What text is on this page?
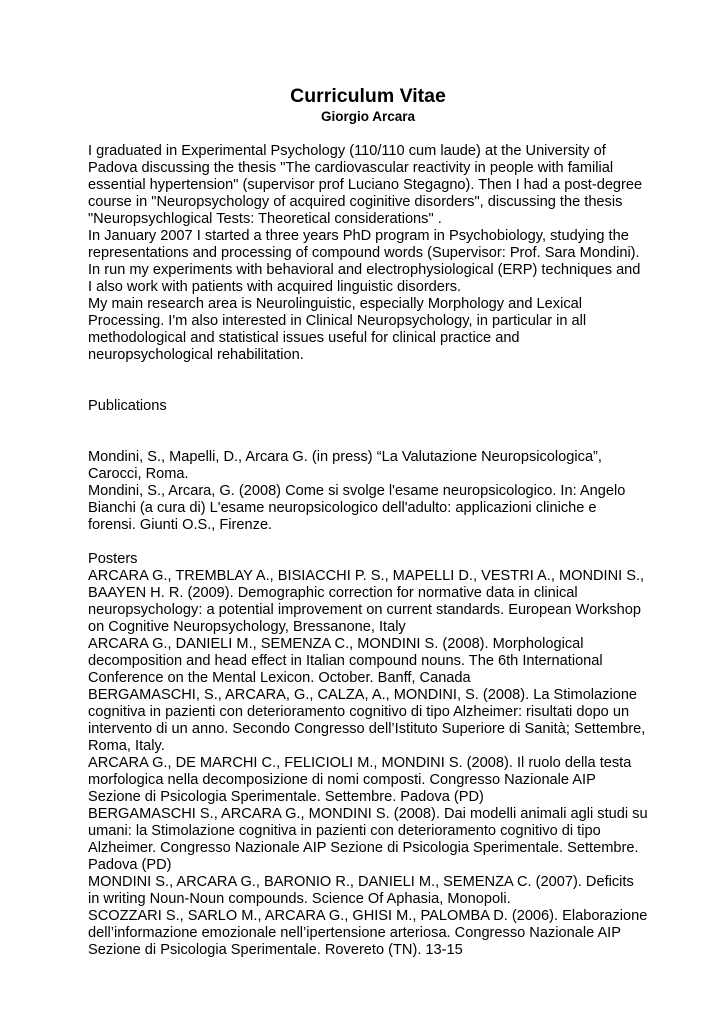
Curriculum Vitae
Giorgio Arcara

I graduated in Experimental Psychology (110/110 cum laude) at the University of Padova discussing the thesis "The cardiovascular reactivity in people with familial essential hypertension" (supervisor prof Luciano Stegagno). Then I had a post-degree course in "Neuropsychology of acquired coginitive disorders", discussing the thesis "Neuropsychlogical Tests: Theoretical considerations" .

In January 2007 I started a three years PhD program in Psychobiology, studying the representations and processing of compound words (Supervisor: Prof. Sara Mondini). In run my experiments with behavioral and electrophysiological (ERP) techniques and I also work with patients with acquired linguistic disorders.

My main research area is Neurolinguistic, especially Morphology and Lexical Processing. I'm also interested in Clinical Neuropsychology, in particular in all methodological and statistical issues useful for clinical practice and neuropsychological rehabilitation.

Publications

Mondini, S., Mapelli, D., Arcara G. (in press) “La Valutazione Neuropsicologica”, Carocci, Roma.

Mondini, S., Arcara, G. (2008) Come si svolge l'esame neuropsicologico. In: Angelo Bianchi (a cura di) L'esame neuropsicologico dell'adulto: applicazioni cliniche e forensi. Giunti O.S., Firenze.

Posters

ARCARA G., TREMBLAY A., BISIACCHI P. S., MAPELLI D., VESTRI A., MONDINI S., BAAYEN H. R. (2009). Demographic correction for normative data in clinical neuropsychology: a potential improvement on current standards. European Workshop on Cognitive Neuropsychology, Bressanone, Italy

ARCARA G., DANIELI M., SEMENZA C., MONDINI S. (2008). Morphological decomposition and head effect in Italian compound nouns. The 6th International Conference on the Mental Lexicon. October. Banff, Canada

BERGAMASCHI, S., ARCARA, G., CALZA, A., MONDINI, S. (2008). La Stimolazione cognitiva in pazienti con deterioramento cognitivo di tipo Alzheimer: risultati dopo un intervento di un anno. Secondo Congresso dell’Istituto Superiore di Sanità; Settembre, Roma, Italy.

ARCARA G., DE MARCHI C., FELICIOLI M., MONDINI S. (2008). Il ruolo della testa morfologica nella decomposizione di nomi composti. Congresso Nazionale AIP Sezione di Psicologia Sperimentale. Settembre. Padova (PD)

BERGAMASCHI S., ARCARA G., MONDINI S. (2008). Dai modelli animali agli studi su umani: la Stimolazione cognitiva in pazienti con deterioramento cognitivo di tipo Alzheimer. Congresso Nazionale AIP Sezione di Psicologia Sperimentale. Settembre. Padova (PD)

MONDINI S., ARCARA G., BARONIO R., DANIELI M., SEMENZA C. (2007). Deficits in writing Noun-Noun compounds. Science Of Aphasia, Monopoli.

SCOZZARI S., SARLO M., ARCARA G., GHISI M., PALOMBA D. (2006). Elaborazione dell’informazione emozionale nell’ipertensione arteriosa. Congresso Nazionale AIP Sezione di Psicologia Sperimentale. Rovereto (TN). 13-15
